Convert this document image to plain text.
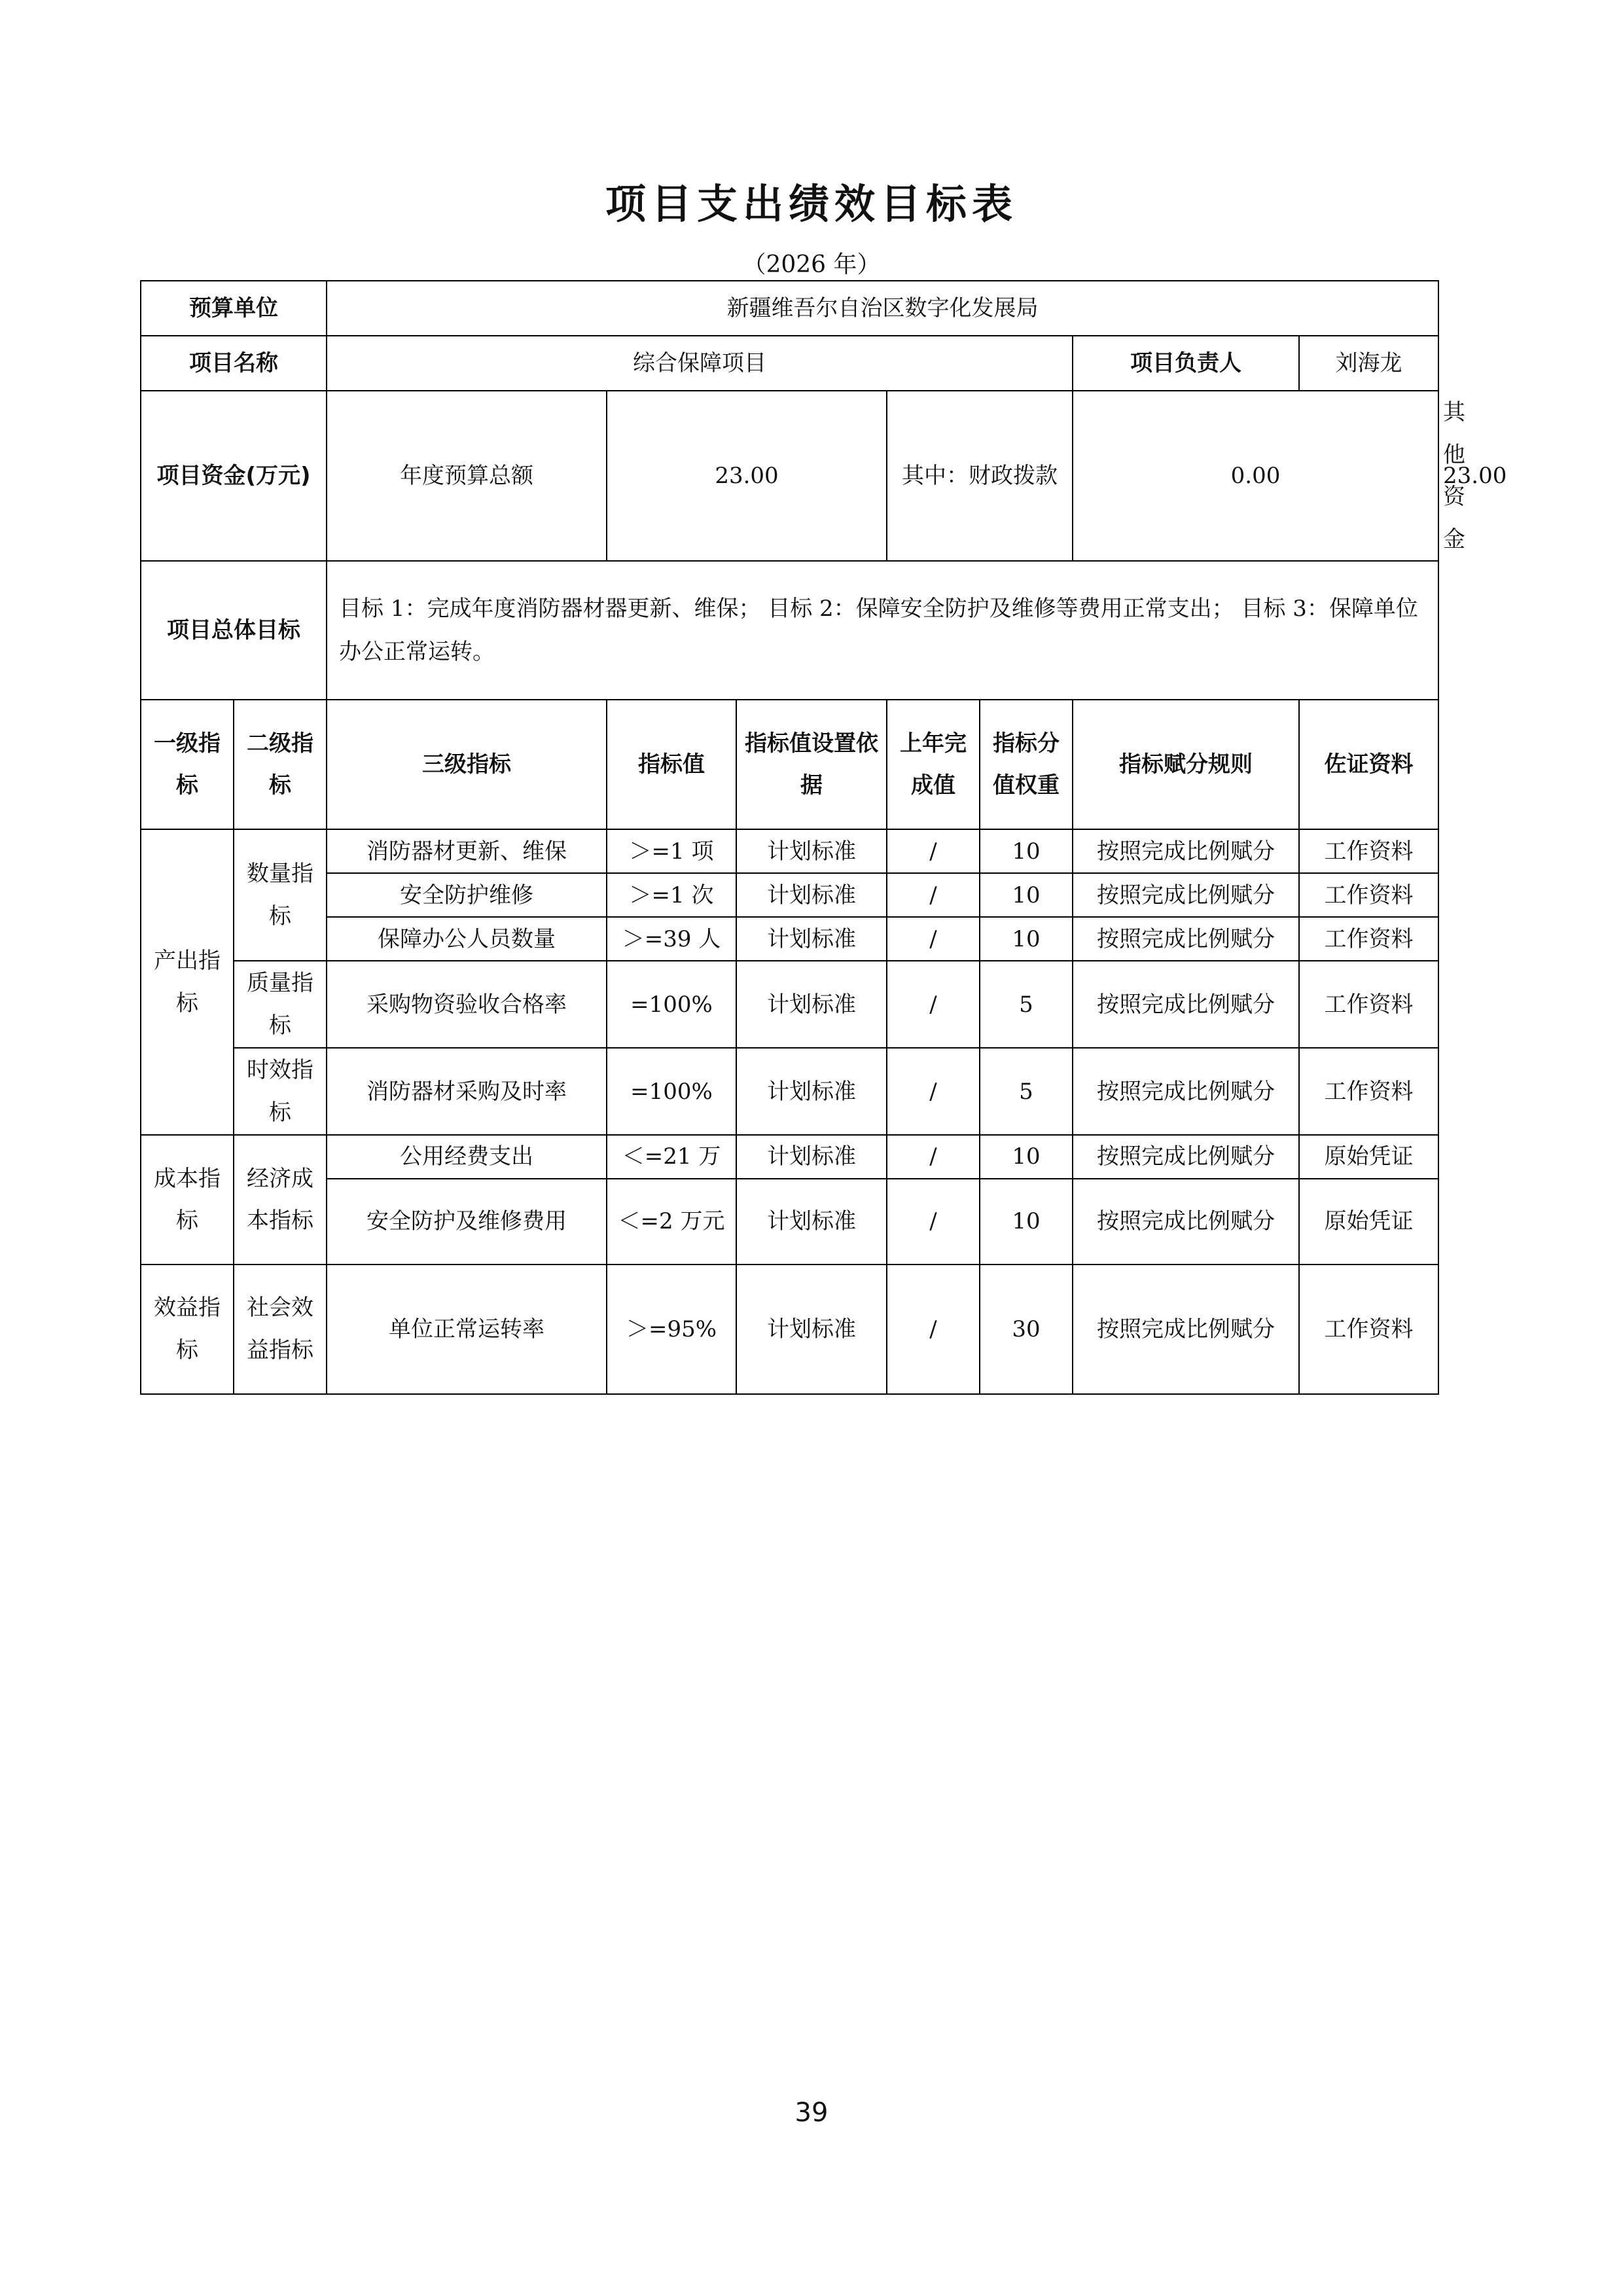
项目支出绩效目标表
（2026 年）
预算单位		新疆维吾尔自治区数字化发展局							
项目名称		综合保障项目					项目负责人	刘海龙	
项目资金(万元)		年度预算总额	23.00		其中：财政拨款		0.00		其他资金	23.00
项目总体目标		目标 1：完成年度消防器材器更新、维保； 目标 2：保障安全防护及维修等费用正常支出； 目标 3：保障单位办公正常运转。							
一级指标	二级指标	三级指标	指标值	指标值设置依据	上年完成值	指标分值权重	指标赋分规则	佐证资料	
产出指标	数量指标	消防器材更新、维保	＞=1 项	计划标准	/	10	按照完成比例赋分	工作资料	
		安全防护维修	＞=1 次	计划标准	/	10	按照完成比例赋分	工作资料	
		保障办公人员数量	＞=39 人	计划标准	/	10	按照完成比例赋分	工作资料	
	质量指标	采购物资验收合格率	=100%	计划标准	/	5	按照完成比例赋分	工作资料	
	时效指标	消防器材采购及时率	=100%	计划标准	/	5	按照完成比例赋分	工作资料	
成本指标	经济成本指标	公用经费支出	＜=21 万	计划标准	/	10	按照完成比例赋分	原始凭证	
		安全防护及维修费用	＜=2 万元	计划标准	/	10	按照完成比例赋分	原始凭证	
效益指标	社会效益指标	单位正常运转率	＞=95%	计划标准	/	30	按照完成比例赋分	工作资料	
39
